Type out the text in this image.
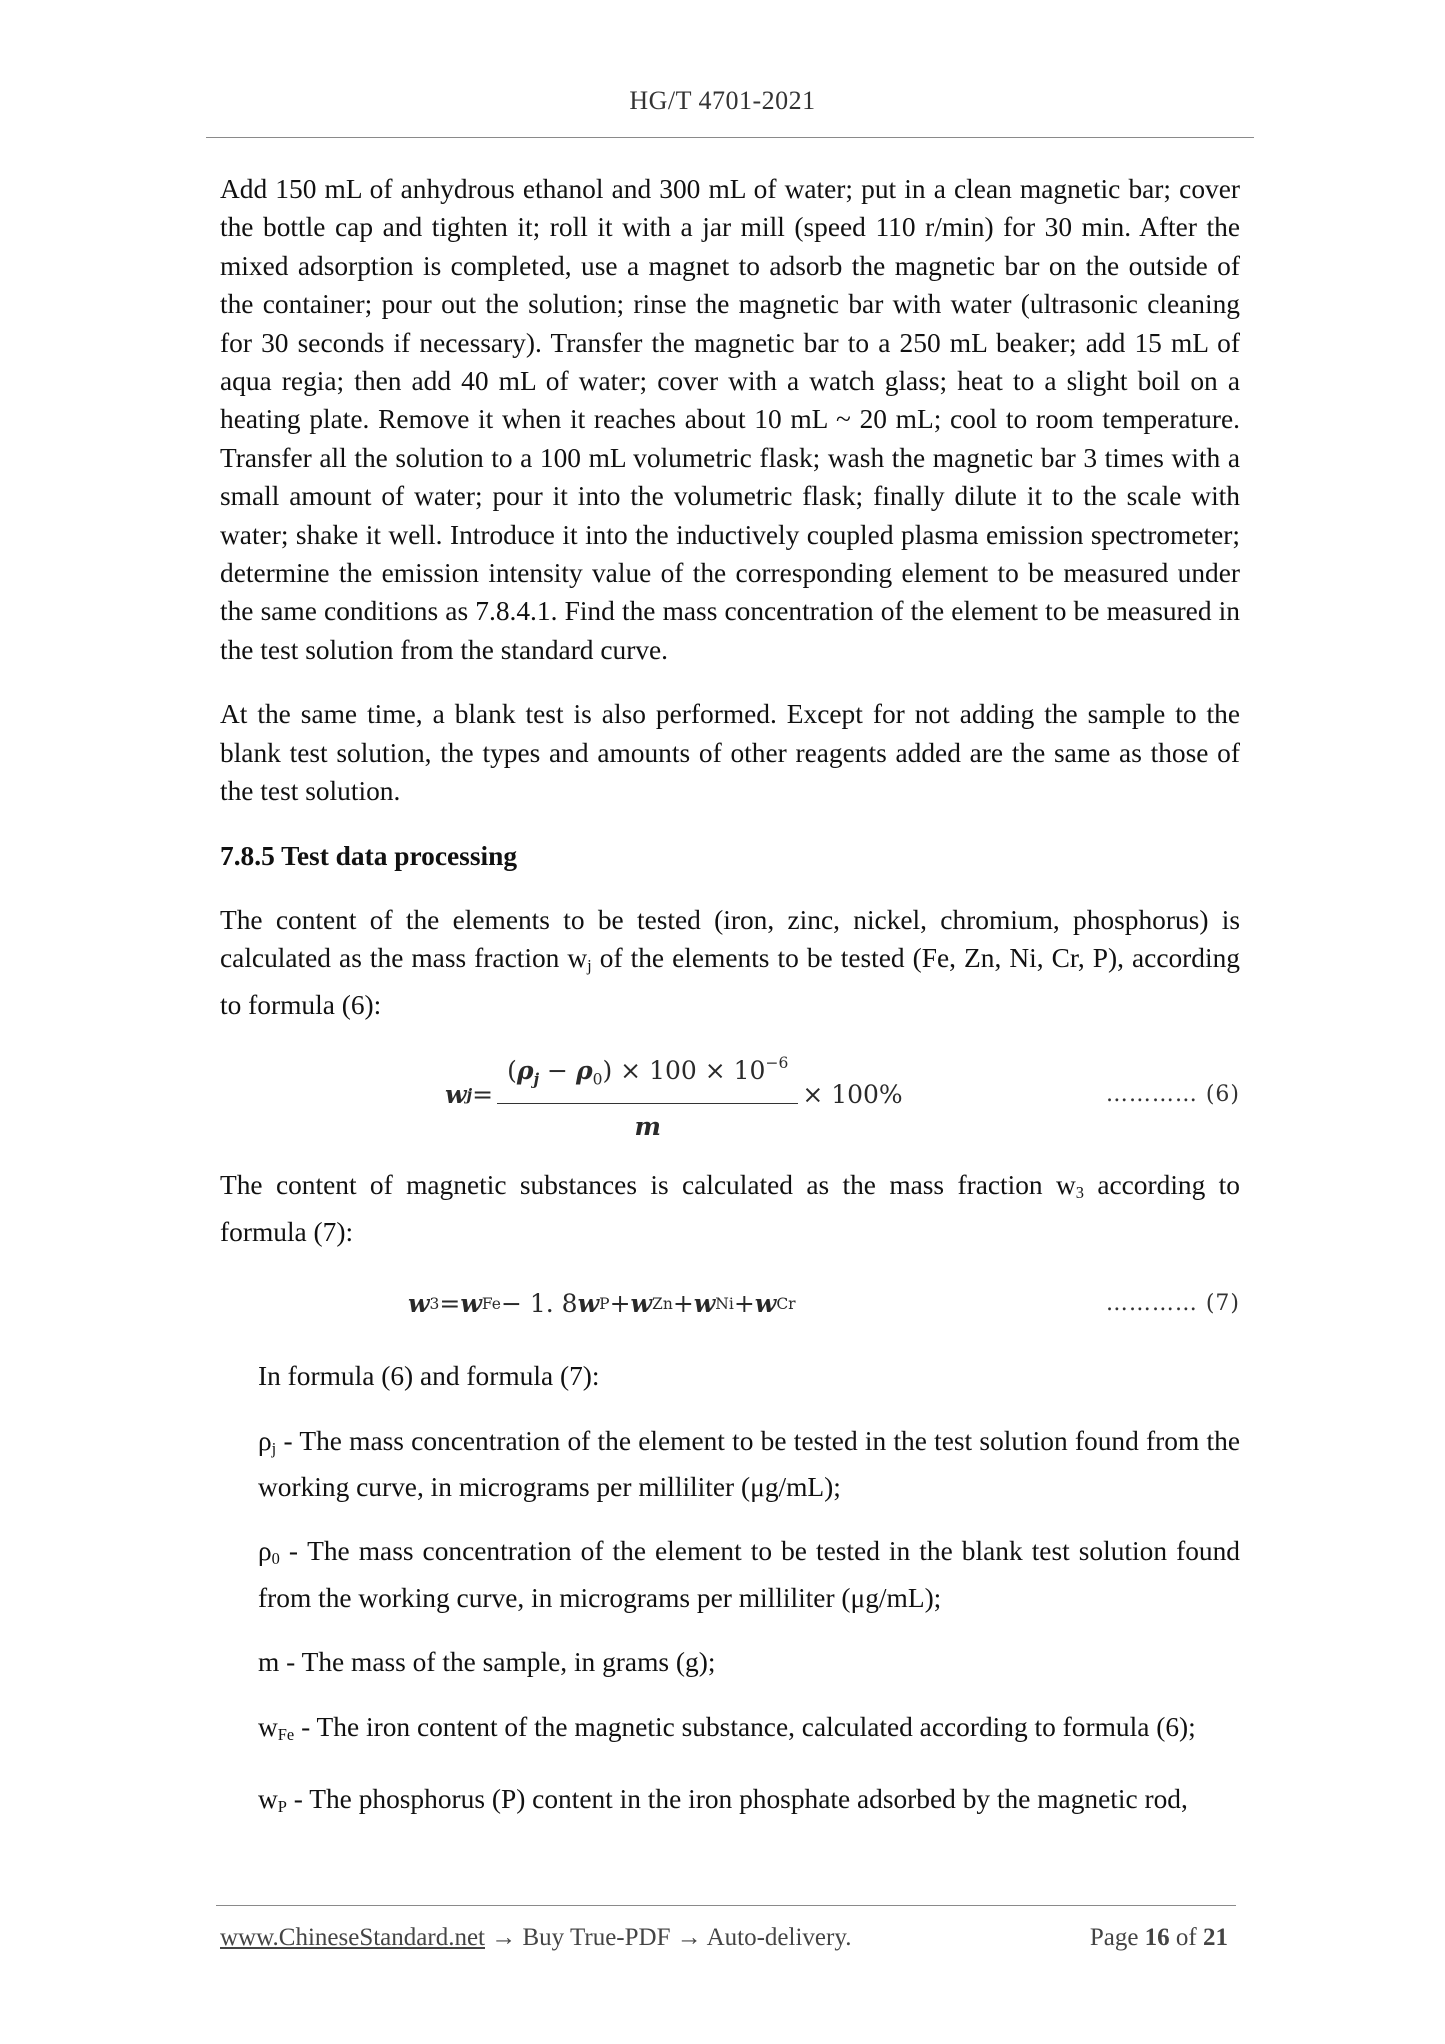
HG/T 4701-2021

Add 150 mL of anhydrous ethanol and 300 mL of water; put in a clean magnetic bar; cover the bottle cap and tighten it; roll it with a jar mill (speed 110 r/min) for 30 min. After the mixed adsorption is completed, use a magnet to adsorb the magnetic bar on the outside of the container; pour out the solution; rinse the magnetic bar with water (ultrasonic cleaning for 30 seconds if necessary). Transfer the magnetic bar to a 250 mL beaker; add 15 mL of aqua regia; then add 40 mL of water; cover with a watch glass; heat to a slight boil on a heating plate. Remove it when it reaches about 10 mL ~ 20 mL; cool to room temperature. Transfer all the solution to a 100 mL volumetric flask; wash the magnetic bar 3 times with a small amount of water; pour it into the volumetric flask; finally dilute it to the scale with water; shake it well. Introduce it into the inductively coupled plasma emission spectrometer; determine the emission intensity value of the corresponding element to be measured under the same conditions as 7.8.4.1. Find the mass concentration of the element to be measured in the test solution from the standard curve.

At the same time, a blank test is also performed. Except for not adding the sample to the blank test solution, the types and amounts of other reagents added are the same as those of the test solution.

7.8.5 Test data processing

The content of the elements to be tested (iron, zinc, nickel, chromium, phosphorus) is calculated as the mass fraction wj of the elements to be tested (Fe, Zn, Ni, Cr, P), according to formula (6):

w $j = \frac{(\rho_j - \rho_0) \times 100 \times 10^{-6}}{m} \times 100\%$	………… (6)

The content of magnetic substances is calculated as the mass fraction w3 according to formula (7):

w 3 = w Fe − 1. 8 w P + w Zn + w Ni + w Cr	………… (7)

In formula (6) and formula (7):

ρj - The mass concentration of the element to be tested in the test solution found from the working curve, in micrograms per milliliter (μg/mL);

ρ0 - The mass concentration of the element to be tested in the blank test solution found from the working curve, in micrograms per milliliter (μg/mL);

m - The mass of the sample, in grams (g);

wFe - The iron content of the magnetic substance, calculated according to formula (6);

wP - The phosphorus (P) content in the iron phosphate adsorbed by the magnetic rod,

www.ChineseStandard.net → Buy True-PDF → Auto-delivery.	Page 16 of 21
